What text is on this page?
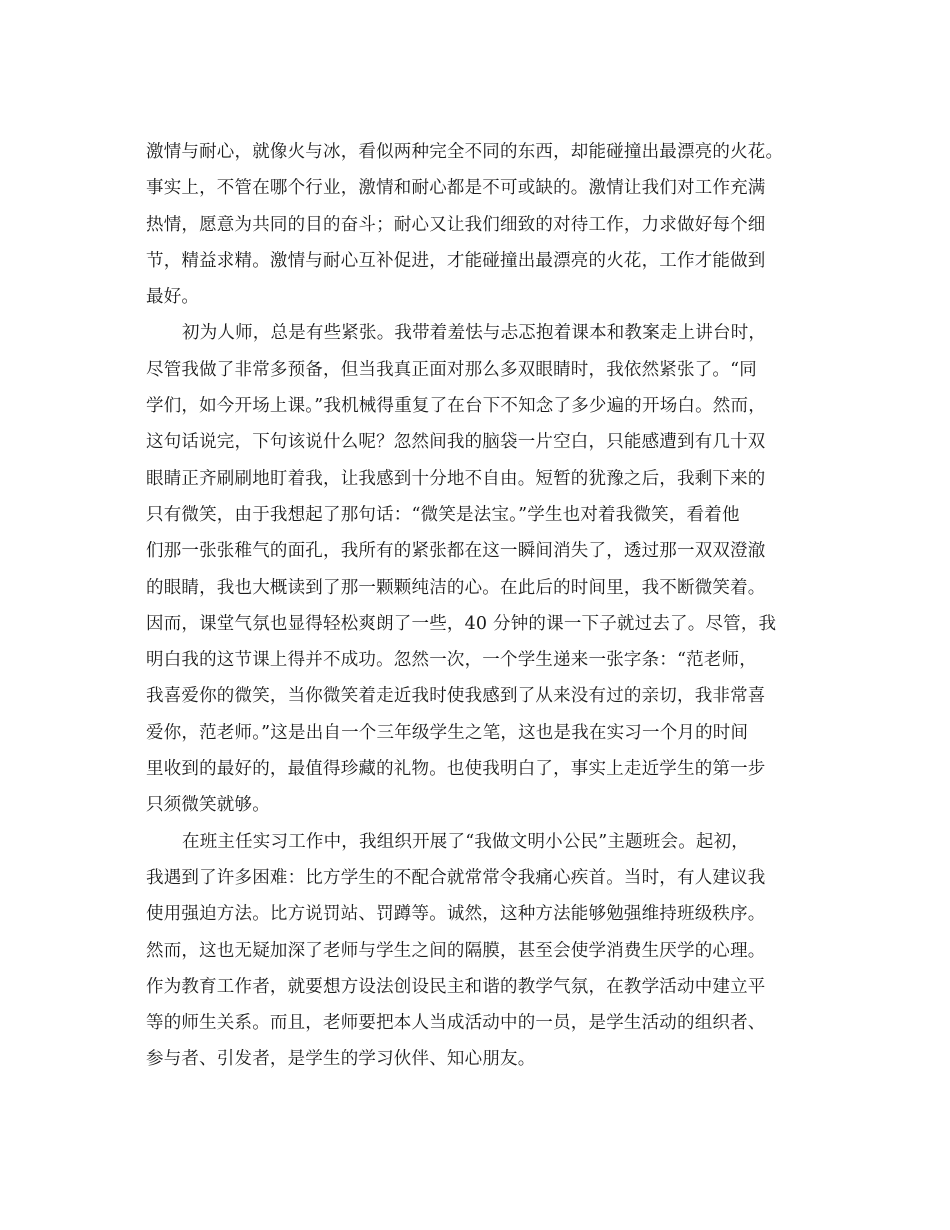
激情与耐心，就像火与冰，看似两种完全不同的东西，却能碰撞出最漂亮的火花。
事实上，不管在哪个行业，激情和耐心都是不可或缺的。激情让我们对工作充满
热情，愿意为共同的目的奋斗；耐心又让我们细致的对待工作，力求做好每个细
节，精益求精。激情与耐心互补促进，才能碰撞出最漂亮的火花，工作才能做到
最好。
初为人师，总是有些紧张。我带着羞怯与忐忑抱着课本和教案走上讲台时，
尽管我做了非常多预备，但当我真正面对那么多双眼睛时，我依然紧张了。“同
学们，如今开场上课。”我机械得重复了在台下不知念了多少遍的开场白。然而，
这句话说完，下句该说什么呢？忽然间我的脑袋一片空白，只能感遭到有几十双
眼睛正齐刷刷地盯着我，让我感到十分地不自由。短暂的犹豫之后，我剩下来的
只有微笑，由于我想起了那句话：“微笑是法宝。”学生也对着我微笑，看着他
们那一张张稚气的面孔，我所有的紧张都在这一瞬间消失了，透过那一双双澄澈
的眼睛，我也大概读到了那一颗颗纯洁的心。在此后的时间里，我不断微笑着。
因而，课堂气氛也显得轻松爽朗了一些，40 分钟的课一下子就过去了。尽管，我
明白我的这节课上得并不成功。忽然一次，一个学生递来一张字条：“范老师，
我喜爱你的微笑，当你微笑着走近我时使我感到了从来没有过的亲切，我非常喜
爱你，范老师。”这是出自一个三年级学生之笔，这也是我在实习一个月的时间
里收到的最好的，最值得珍藏的礼物。也使我明白了，事实上走近学生的第一步
只须微笑就够。
在班主任实习工作中，我组织开展了“我做文明小公民”主题班会。起初，
我遇到了许多困难：比方学生的不配合就常常令我痛心疾首。当时，有人建议我
使用强迫方法。比方说罚站、罚蹲等。诚然，这种方法能够勉强维持班级秩序。
然而，这也无疑加深了老师与学生之间的隔膜，甚至会使学消费生厌学的心理。
作为教育工作者，就要想方设法创设民主和谐的教学气氛，在教学活动中建立平
等的师生关系。而且，老师要把本人当成活动中的一员，是学生活动的组织者、
参与者、引发者，是学生的学习伙伴、知心朋友。
